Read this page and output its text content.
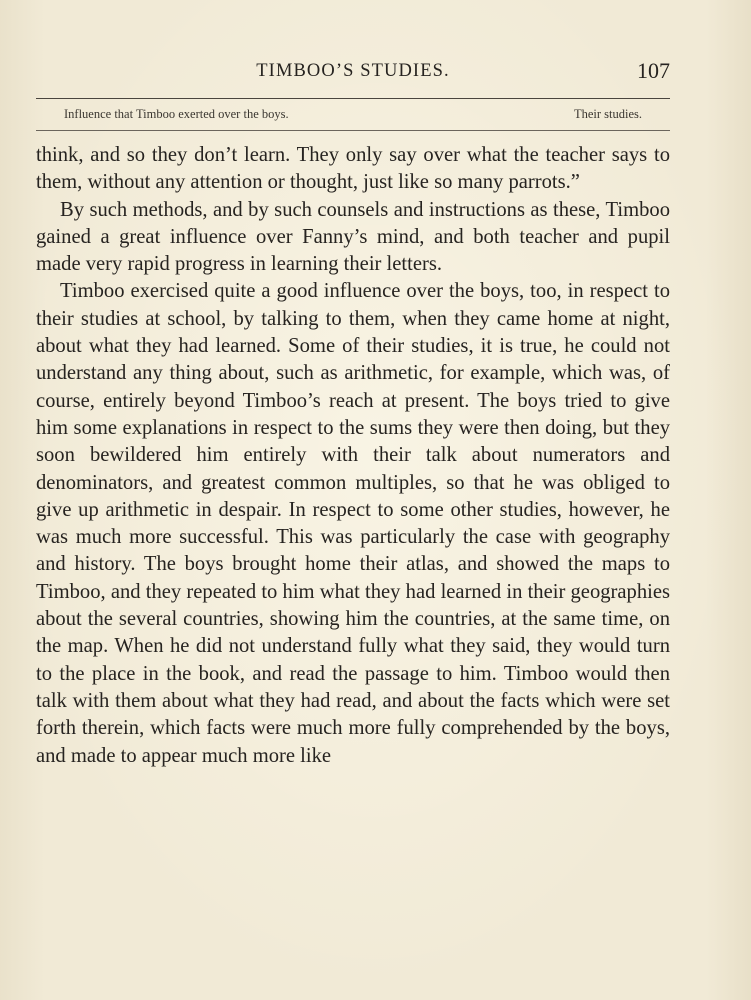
TIMBOO’S STUDIES.	107
Influence that Timboo exerted over the boys.	Their studies.

think, and so they don’t learn. They only say over what the teacher says to them, without any attention or thought, just like so many parrots.”

By such methods, and by such counsels and instructions as these, Timboo gained a great influence over Fanny’s mind, and both teacher and pupil made very rapid progress in learning their letters.

Timboo exercised quite a good influence over the boys, too, in respect to their studies at school, by talking to them, when they came home at night, about what they had learned. Some of their studies, it is true, he could not understand any thing about, such as arithmetic, for example, which was, of course, entirely beyond Timboo’s reach at present. The boys tried to give him some explanations in respect to the sums they were then doing, but they soon bewildered him entirely with their talk about numerators and denominators, and greatest common multiples, so that he was obliged to give up arithmetic in despair. In respect to some other studies, however, he was much more successful. This was particularly the case with geography and history. The boys brought home their atlas, and showed the maps to Timboo, and they repeated to him what they had learned in their geographies about the several countries, showing him the countries, at the same time, on the map. When he did not understand fully what they said, they would turn to the place in the book, and read the passage to him. Timboo would then talk with them about what they had read, and about the facts which were set forth therein, which facts were much more fully comprehended by the boys, and made to appear much more like
